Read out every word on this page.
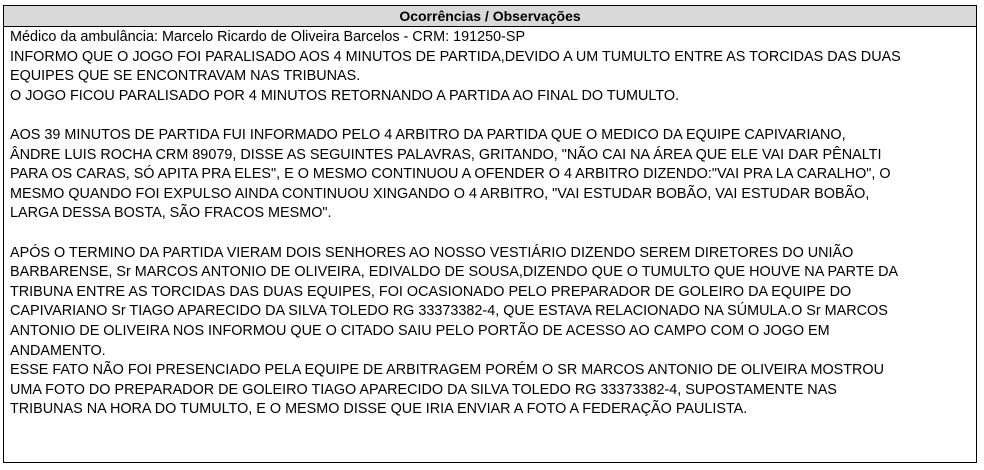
Ocorrências / Observações
Médico da ambulância: Marcelo Ricardo de Oliveira Barcelos - CRM: 191250-SP
INFORMO QUE O JOGO FOI PARALISADO AOS 4 MINUTOS DE PARTIDA,DEVIDO A UM TUMULTO ENTRE AS TORCIDAS DAS DUAS
EQUIPES QUE SE ENCONTRAVAM NAS TRIBUNAS.
O JOGO FICOU PARALISADO POR 4 MINUTOS RETORNANDO A PARTIDA AO FINAL DO TUMULTO.
AOS 39 MINUTOS DE PARTIDA FUI INFORMADO PELO 4 ARBITRO DA PARTIDA QUE O MEDICO DA EQUIPE CAPIVARIANO,
ÂNDRE LUIS ROCHA CRM 89079, DISSE AS SEGUINTES PALAVRAS, GRITANDO, "NÃO CAI NA ÁREA QUE ELE VAI DAR PÊNALTI
PARA OS CARAS, SÓ APITA PRA ELES", E O MESMO CONTINUOU A OFENDER O 4 ARBITRO DIZENDO:"VAI PRA LA CARALHO", O
MESMO QUANDO FOI EXPULSO AINDA CONTINUOU XINGANDO O 4 ARBITRO, "VAI ESTUDAR BOBÃO, VAI ESTUDAR BOBÃO,
LARGA DESSA BOSTA, SÃO FRACOS MESMO".
APÓS O TERMINO DA PARTIDA VIERAM DOIS SENHORES AO NOSSO VESTIÁRIO DIZENDO SEREM DIRETORES DO UNIÃO
BARBARENSE, Sr MARCOS ANTONIO DE OLIVEIRA, EDIVALDO DE SOUSA,DIZENDO QUE O TUMULTO QUE HOUVE NA PARTE DA
TRIBUNA ENTRE AS TORCIDAS DAS DUAS EQUIPES, FOI OCASIONADO PELO PREPARADOR DE GOLEIRO DA EQUIPE DO
CAPIVARIANO Sr TIAGO APARECIDO DA SILVA TOLEDO RG 33373382-4, QUE ESTAVA RELACIONADO NA SÚMULA.O Sr MARCOS
ANTONIO DE OLIVEIRA NOS INFORMOU QUE O CITADO SAIU PELO PORTÃO DE ACESSO AO CAMPO COM O JOGO EM
ANDAMENTO.
ESSE FATO NÃO FOI PRESENCIADO PELA EQUIPE DE ARBITRAGEM PORÉM O SR MARCOS ANTONIO DE OLIVEIRA MOSTROU
UMA FOTO DO PREPARADOR DE GOLEIRO TIAGO APARECIDO DA SILVA TOLEDO RG 33373382-4, SUPOSTAMENTE NAS
TRIBUNAS NA HORA DO TUMULTO, E O MESMO DISSE QUE IRIA ENVIAR A FOTO A FEDERAÇÃO PAULISTA.
